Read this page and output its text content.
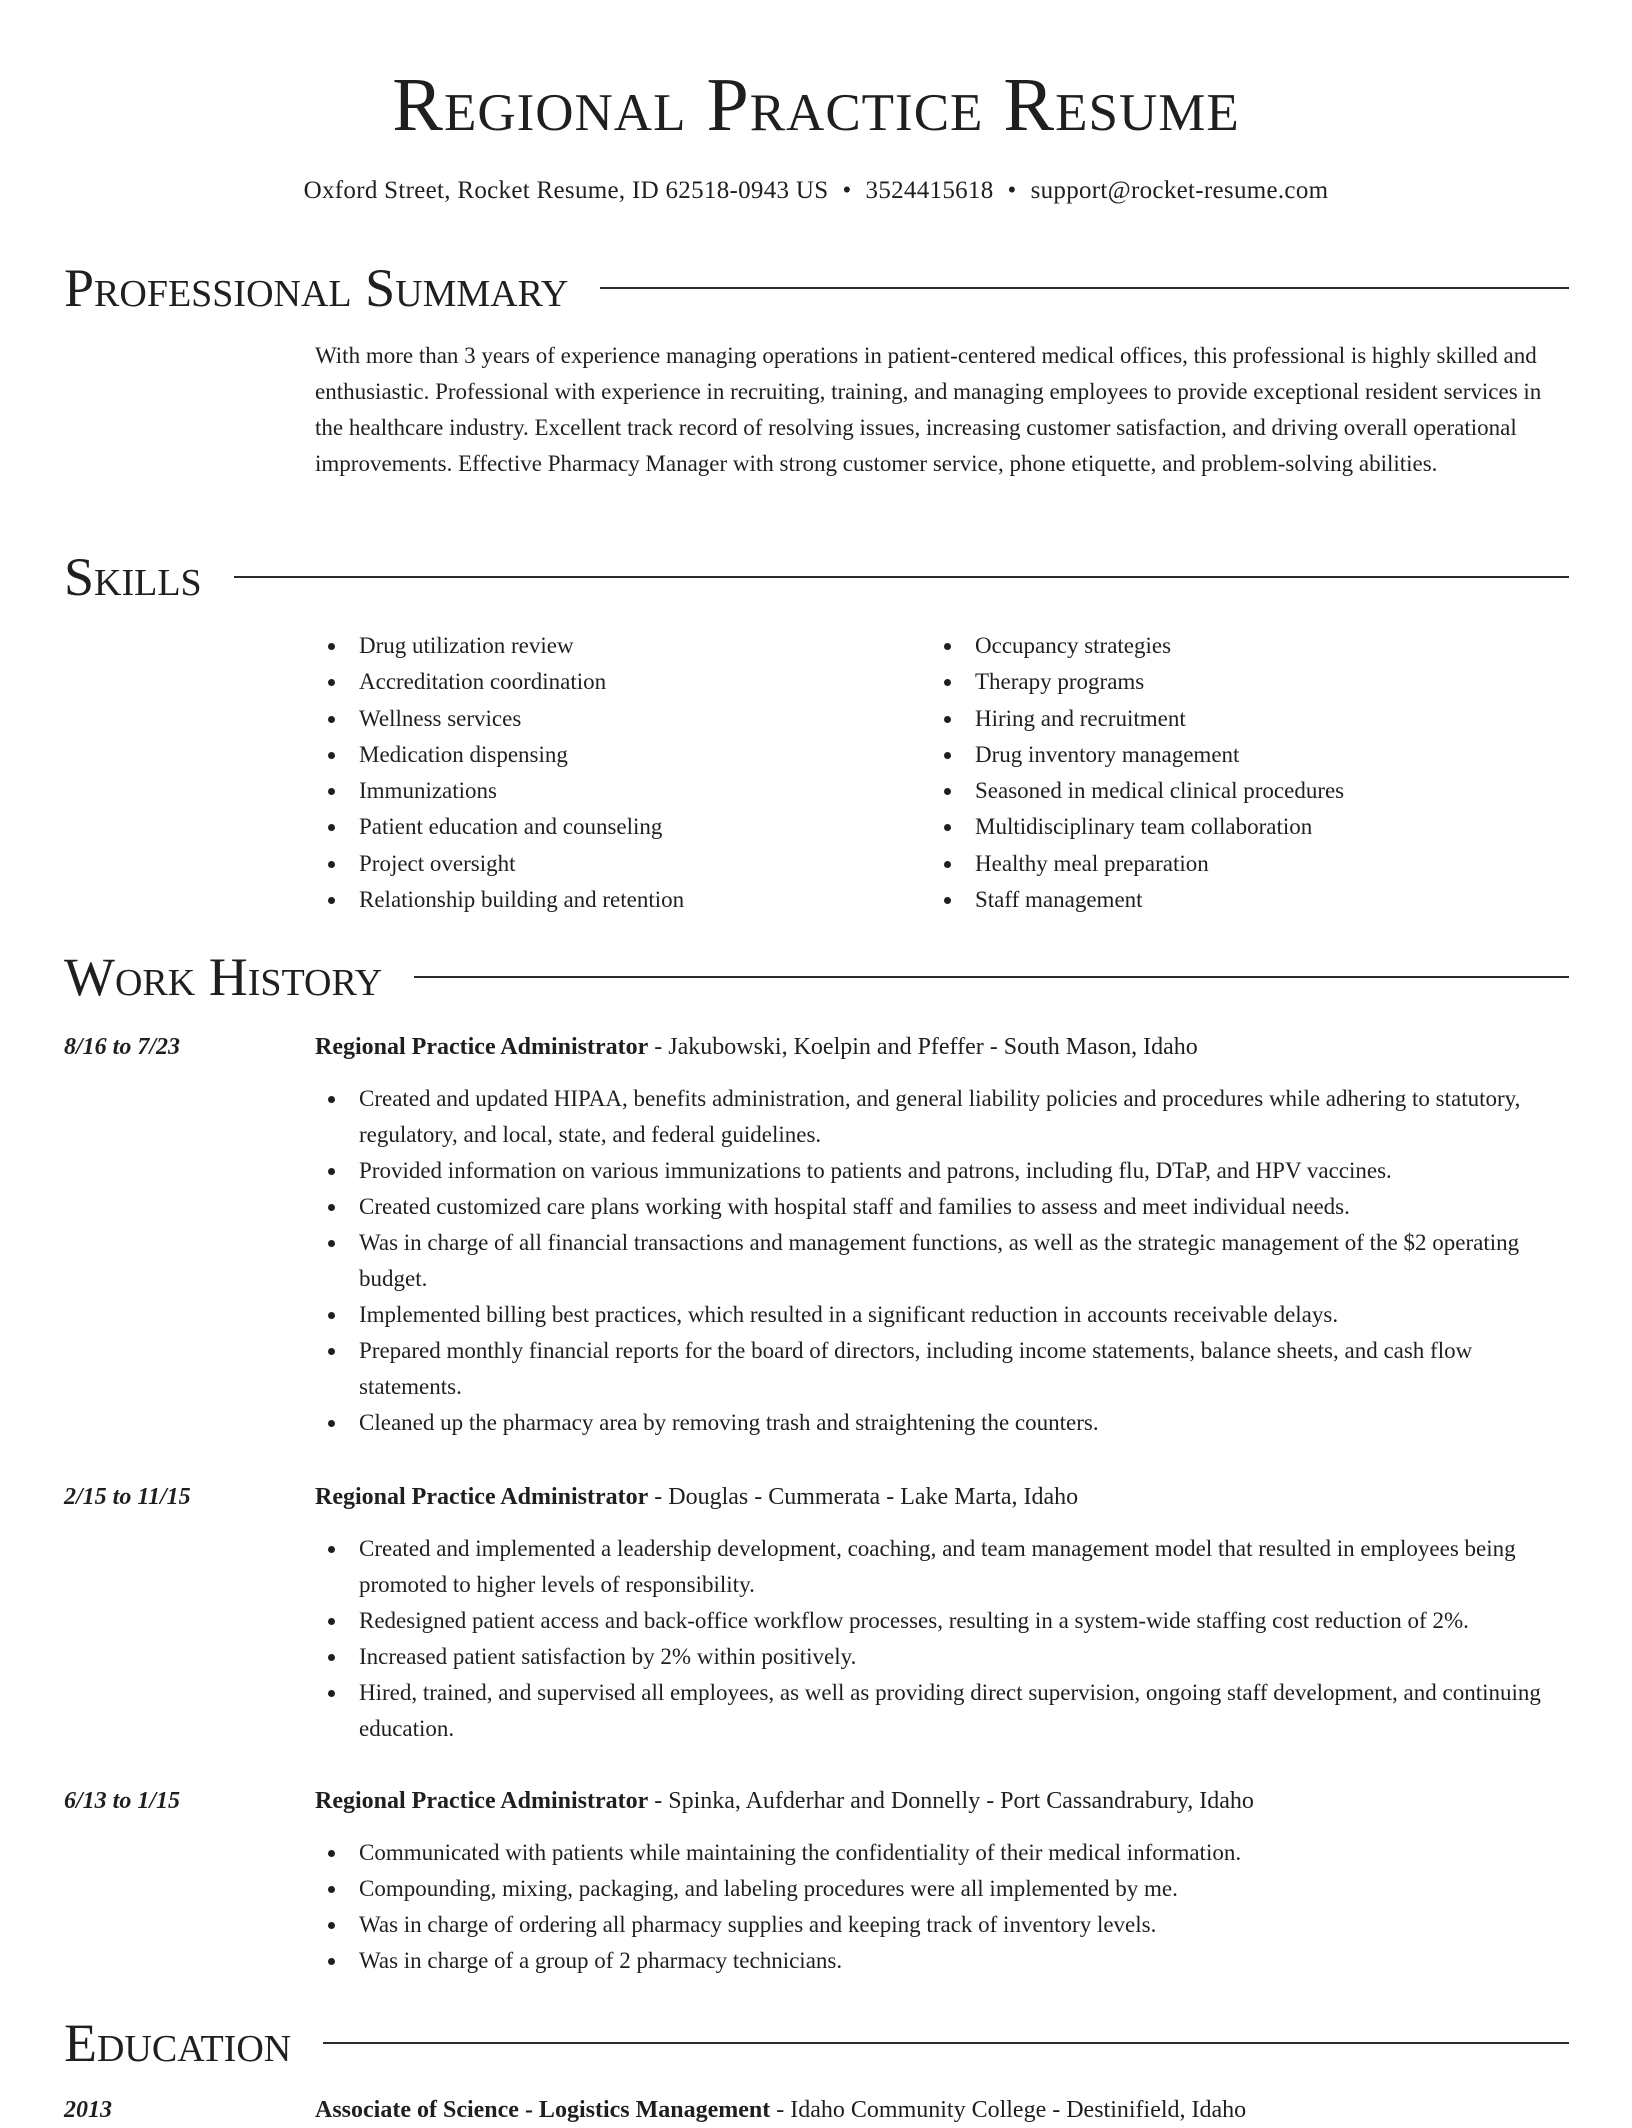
Regional Practice Resume
Oxford Street, Rocket Resume, ID 62518-0943 US • 3524415618 • support@rocket-resume.com
Professional Summary
With more than 3 years of experience managing operations in patient-centered medical offices, this professional is highly skilled and enthusiastic. Professional with experience in recruiting, training, and managing employees to provide exceptional resident services in the healthcare industry. Excellent track record of resolving issues, increasing customer satisfaction, and driving overall operational improvements. Effective Pharmacy Manager with strong customer service, phone etiquette, and problem-solving abilities.
Skills
Drug utilization review
Accreditation coordination
Wellness services
Medication dispensing
Immunizations
Patient education and counseling
Project oversight
Relationship building and retention
Occupancy strategies
Therapy programs
Hiring and recruitment
Drug inventory management
Seasoned in medical clinical procedures
Multidisciplinary team collaboration
Healthy meal preparation
Staff management
Work History
8/16 to 7/23	Regional Practice Administrator - Jakubowski, Koelpin and Pfeffer - South Mason, Idaho
Created and updated HIPAA, benefits administration, and general liability policies and procedures while adhering to statutory, regulatory, and local, state, and federal guidelines.
Provided information on various immunizations to patients and patrons, including flu, DTaP, and HPV vaccines.
Created customized care plans working with hospital staff and families to assess and meet individual needs.
Was in charge of all financial transactions and management functions, as well as the strategic management of the $2 operating budget.
Implemented billing best practices, which resulted in a significant reduction in accounts receivable delays.
Prepared monthly financial reports for the board of directors, including income statements, balance sheets, and cash flow statements.
Cleaned up the pharmacy area by removing trash and straightening the counters.
2/15 to 11/15	Regional Practice Administrator - Douglas - Cummerata - Lake Marta, Idaho
Created and implemented a leadership development, coaching, and team management model that resulted in employees being promoted to higher levels of responsibility.
Redesigned patient access and back-office workflow processes, resulting in a system-wide staffing cost reduction of 2%.
Increased patient satisfaction by 2% within positively.
Hired, trained, and supervised all employees, as well as providing direct supervision, ongoing staff development, and continuing education.
6/13 to 1/15	Regional Practice Administrator - Spinka, Aufderhar and Donnelly - Port Cassandrabury, Idaho
Communicated with patients while maintaining the confidentiality of their medical information.
Compounding, mixing, packaging, and labeling procedures were all implemented by me.
Was in charge of ordering all pharmacy supplies and keeping track of inventory levels.
Was in charge of a group of 2 pharmacy technicians.
Education
2013	Associate of Science - Logistics Management - Idaho Community College - Destinifield, Idaho
